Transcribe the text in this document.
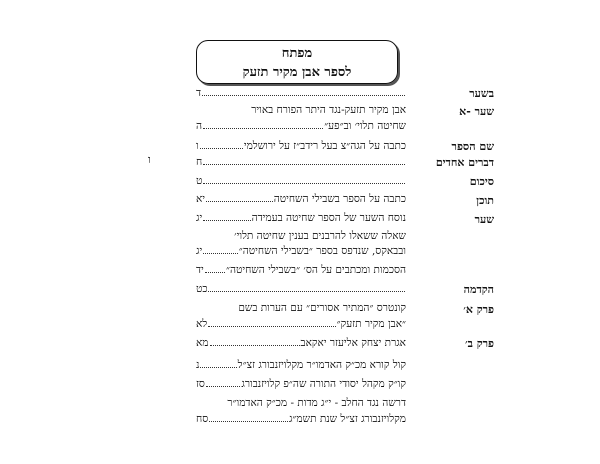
מפתח
לספר אבן מקיר תזעק
ו
בשער
ד
שער -א
אבן מקיר תזעק-נגד היתר הפורח באויר
שחיטה תלוי׳ וב״פע״
ה
שם הספר
כתבה על הגה״צ בעל רידב״ז על ירושלמי
ו
דברים אחדים
ח
סיכום
ט
תוכן
כתבה על הספר בשבילי השחיטה
יא
שער
נוסח השער של הספר שחיטה בעמידה
יג
שאלה ששאלו להרבנים בענין שחיטה תלוי׳
ובבאקס, שנדפס בספר ״בשבילי השחיטה״
יג
הסכמות ומכתבים על הס׳ ״בשבילי השחיטה״
יד
הקדמה
כט
פרק א׳
קונטרס ״המתיר אסורים״ עם הערות בשם
״אבן מקיר תזעק״
לא
פרק ב׳
אגרת יצחק אליעזר יאקאב
מא
קול קורא מכ״ק האדמו״ר מקלויזנבורג זצ״ל
נ
קו״ק מקהל יסודי התורה שה״פ קלויזנבורג
סז
דרשה נגד החלב - י״ג מדות - מכ״ק האדמו״ר
מקלויזנבורג זצ״ל שנת תשמ״ג
סח
